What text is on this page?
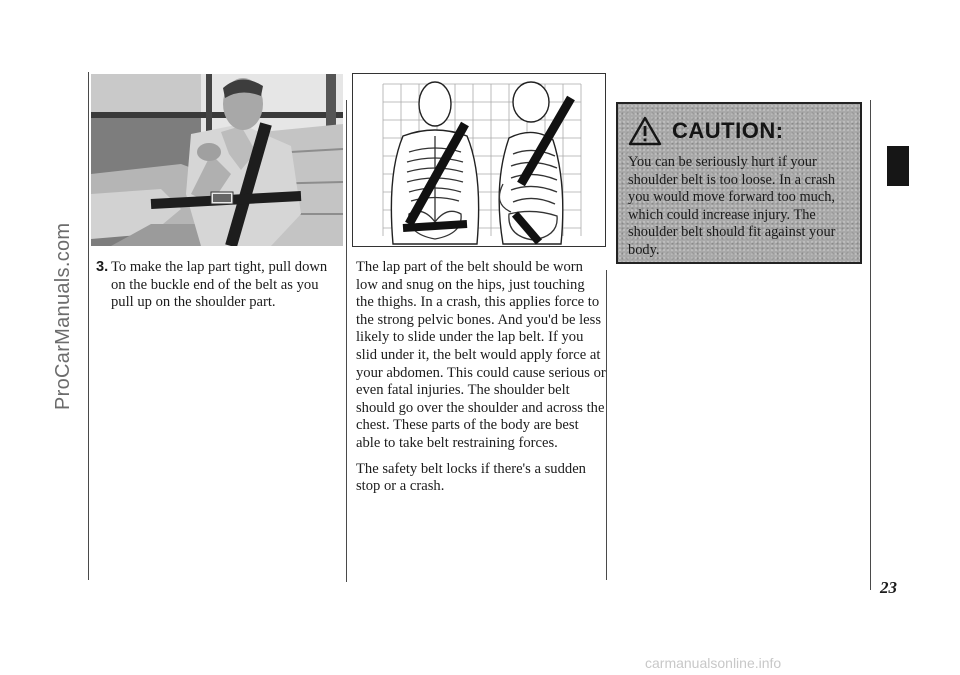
ProCarManuals.com 3. To make the lap part tight, pull down on the buckle end of the belt as you pull up on the shoulder part.

The lap part of the belt should be worn low and snug on the hips, just touching the thighs. In a crash, this applies force to the strong pelvic bones. And you'd be less likely to slide under the lap belt. If you slid under it, the belt would apply force at your abdomen. This could cause serious or even fatal injuries. The shoulder belt should go over the shoulder and across the chest. These parts of the body are best able to take belt restraining forces.

The safety belt locks if there's a sudden stop or a crash.

CAUTION:
You can be seriously hurt if your shoulder belt is too loose. In a crash you would move forward too much, which could increase injury. The shoulder belt should fit against your body.
23
carmanualsonline.info
